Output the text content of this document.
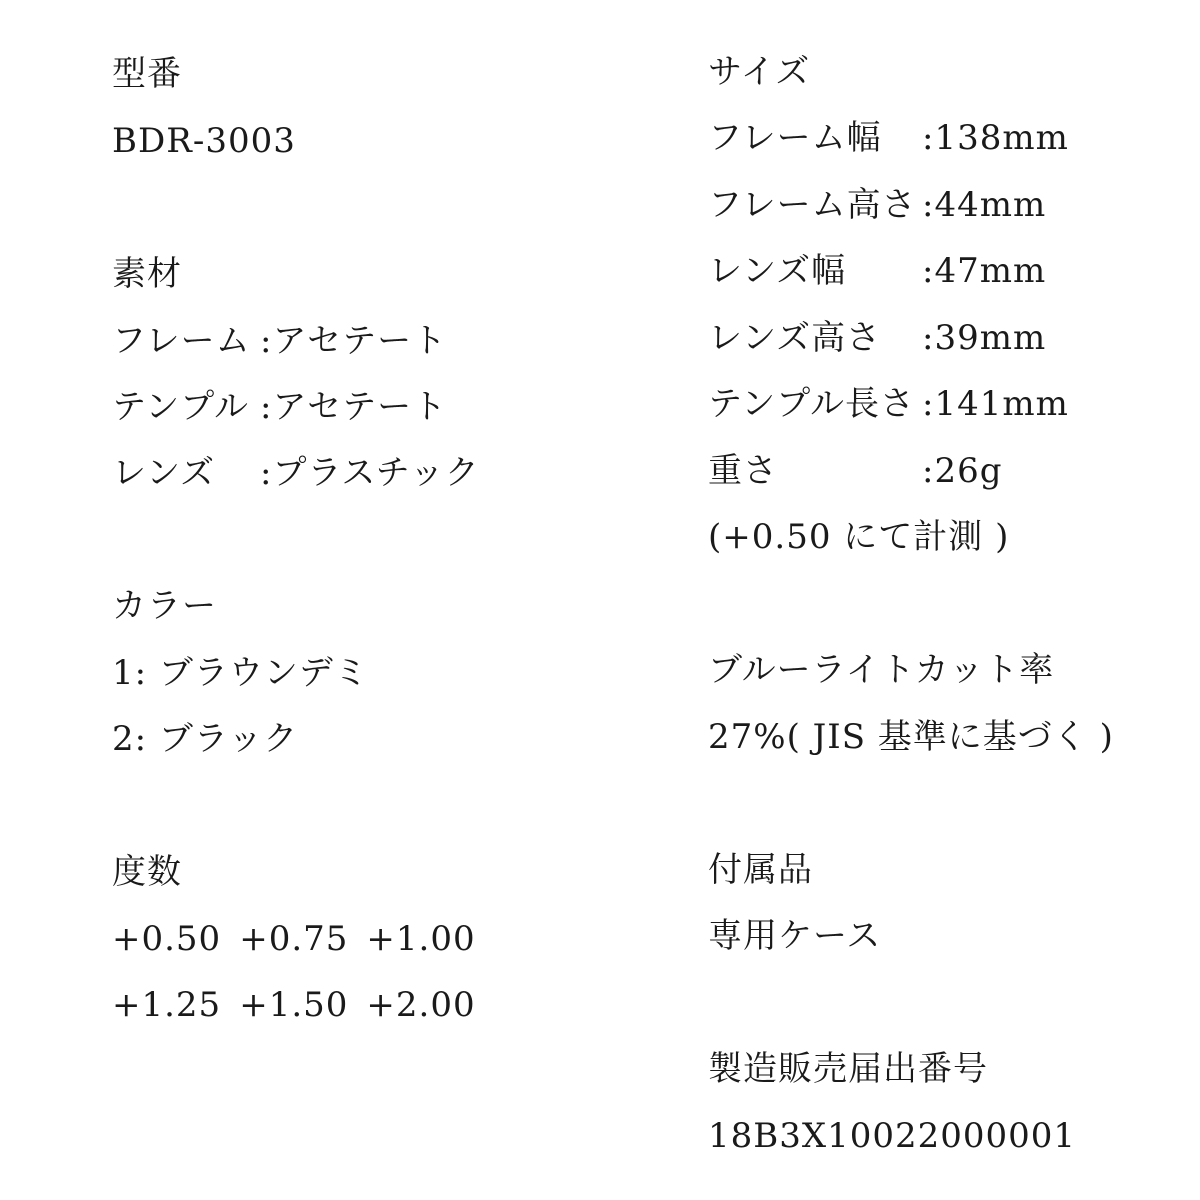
型番
BDR-3003
素材
フレーム :アセテート
テンプル :アセテート
レンズ :プラスチック
カラー
1: ブラウンデミ
2: ブラック
度数
+0.50 +0.75 +1.00
+1.25 +1.50 +2.00
サイズ
フレーム幅 :138mm
フレーム高さ :44mm
レンズ幅 :47mm
レンズ高さ :39mm
テンプル長さ :141mm
重さ	:26g
(+0.50 にて計測 )
ブルーライトカット率
27%( JIS 基準に基づく )
付属品
専用ケース
製造販売届出番号
18B3X10022000001
